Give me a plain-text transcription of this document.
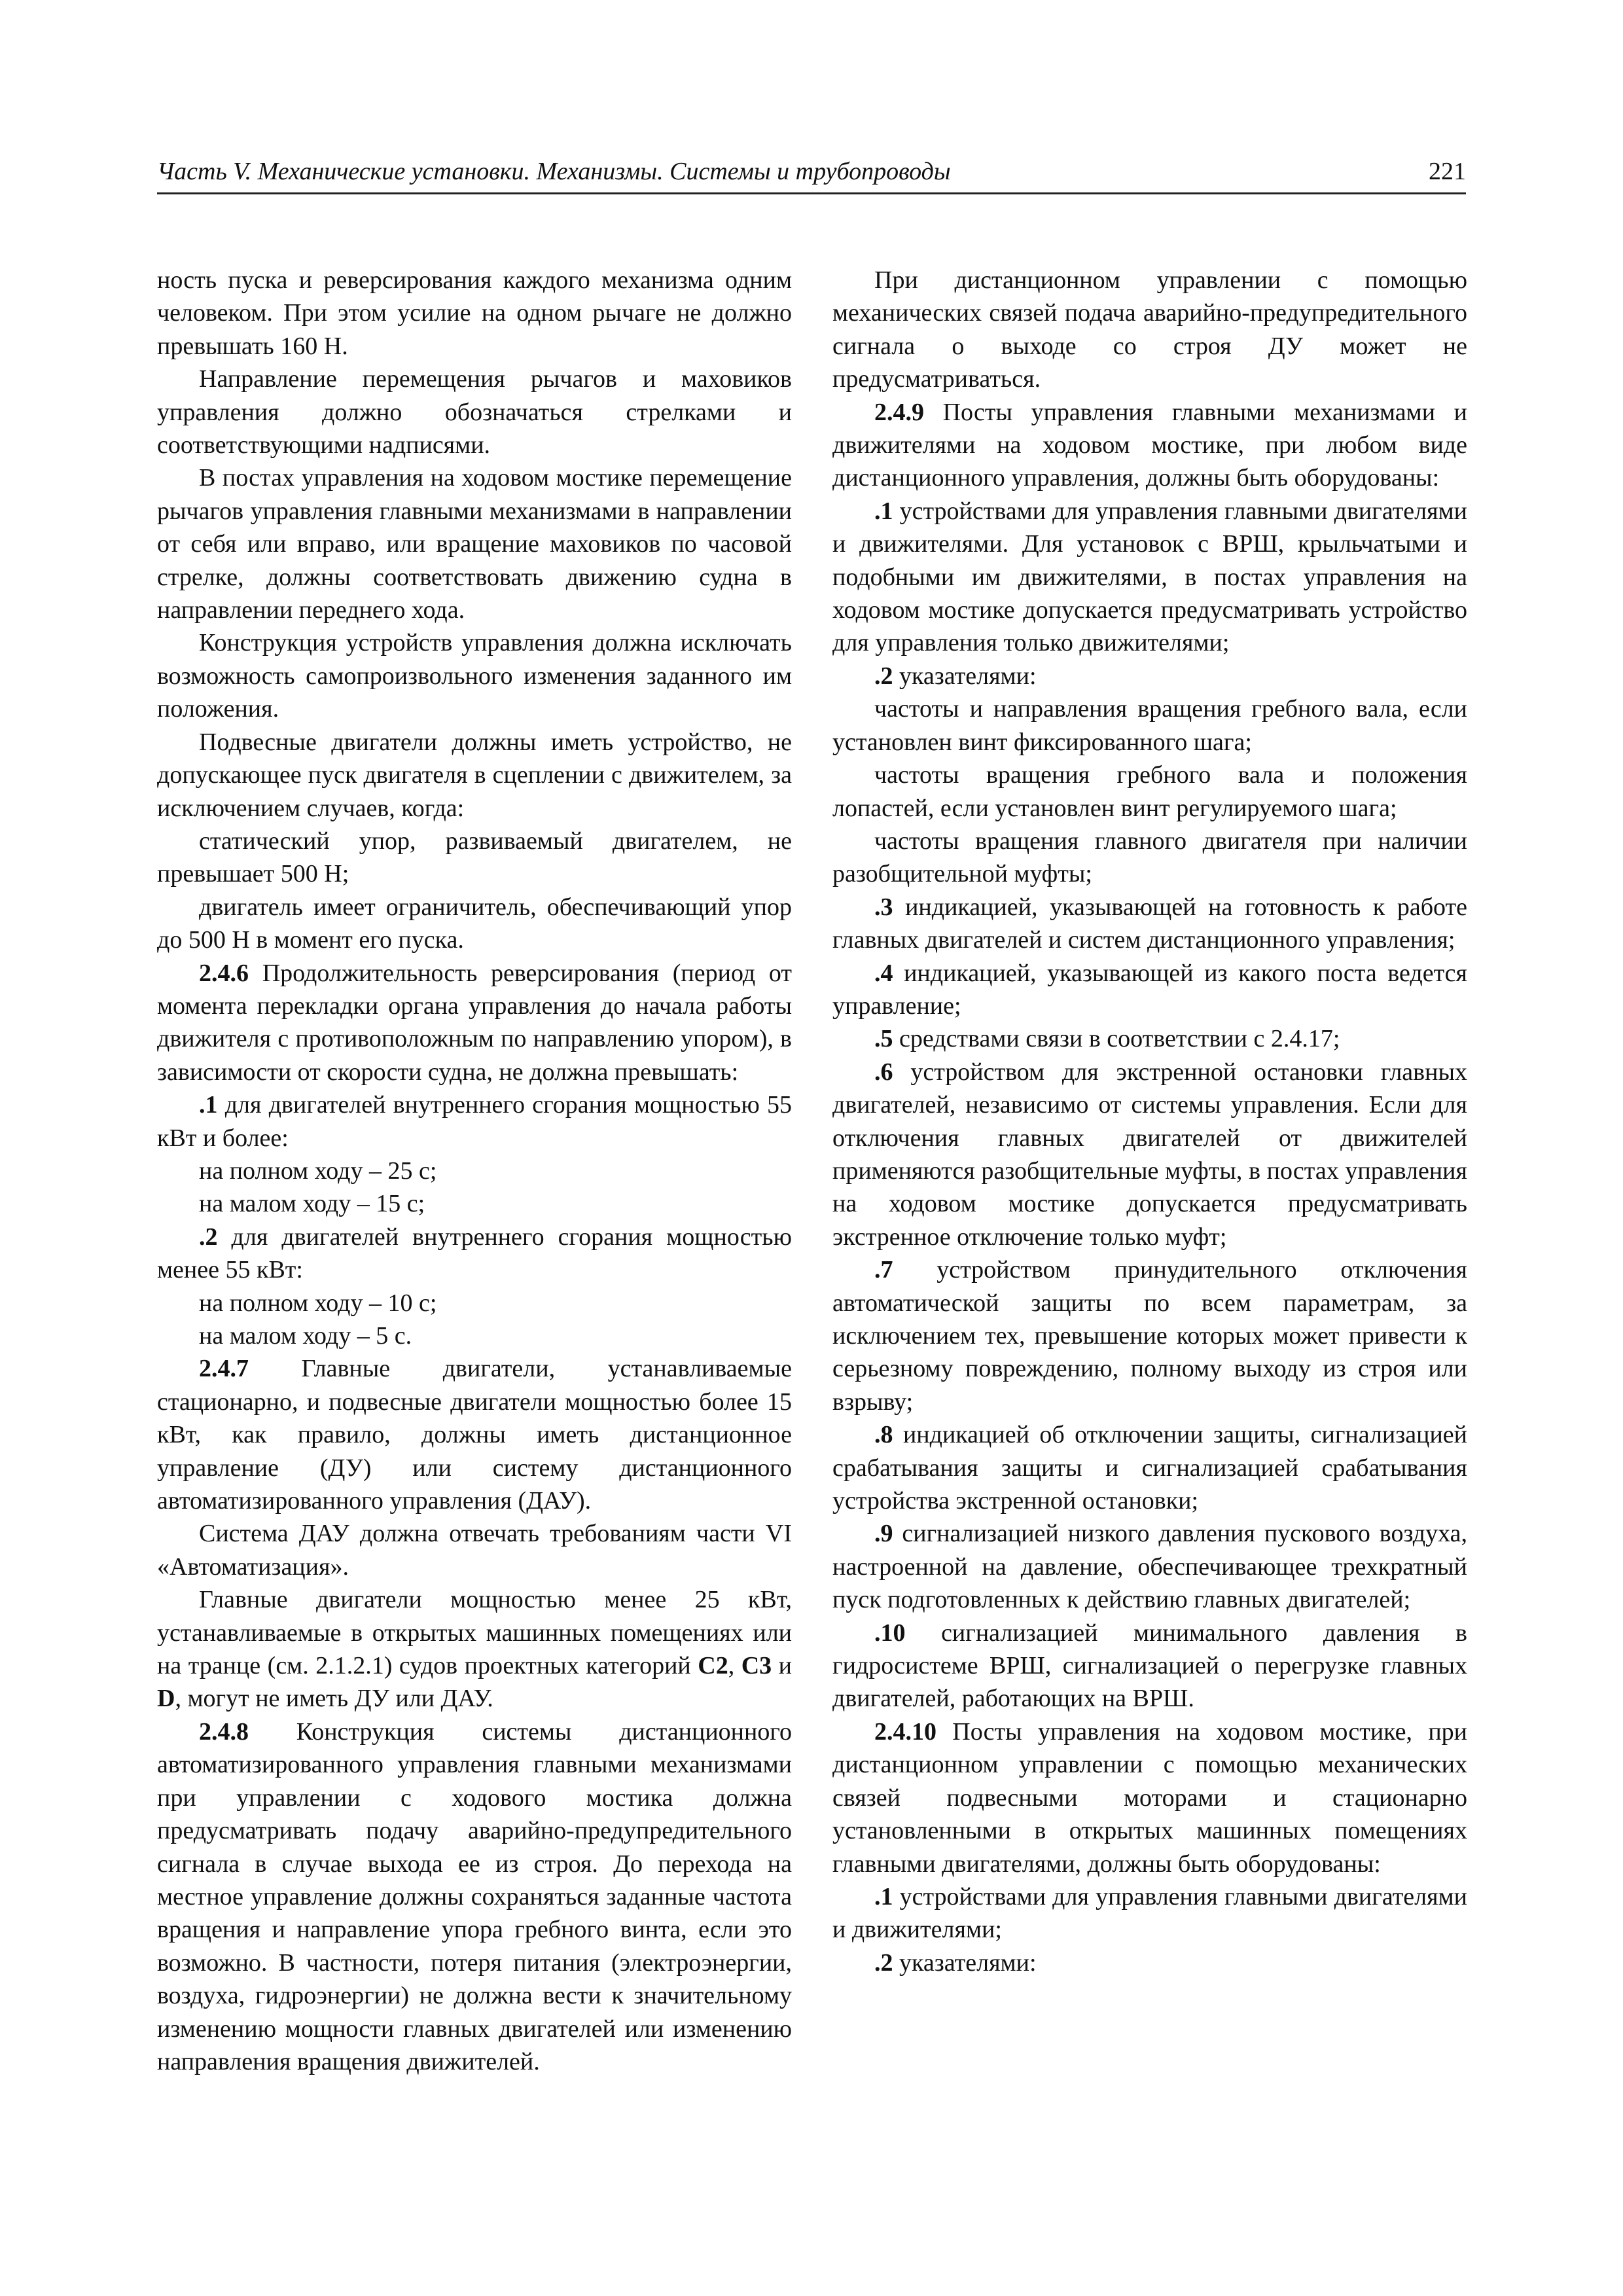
Часть V. Механические установки. Механизмы. Системы и трубопроводы	221

ность пуска и реверсирования каждого механизма одним человеком. При этом усилие на одном рычаге не должно превышать 160 Н.

Направление перемещения рычагов и маховиков управления должно обозначаться стрелками и соответствующими надписями.

В постах управления на ходовом мостике перемещение рычагов управления главными механизмами в направлении от себя или вправо, или вращение маховиков по часовой стрелке, должны соответствовать движению судна в направлении переднего хода.

Конструкция устройств управления должна исключать возможность самопроизвольного изменения заданного им положения.

Подвесные двигатели должны иметь устройство, не допускающее пуск двигателя в сцеплении с движителем, за исключением случаев, когда:

статический упор, развиваемый двигателем, не превышает 500 Н;

двигатель имеет ограничитель, обеспечивающий упор до 500 Н в момент его пуска.

2.4.6 Продолжительность реверсирования (период от момента перекладки органа управления до начала работы движителя с противоположным по направлению упором), в зависимости от скорости судна, не должна превышать:

.1 для двигателей внутреннего сгорания мощностью 55 кВт и более:

на полном ходу – 25 с;

на малом ходу – 15 с;

.2 для двигателей внутреннего сгорания мощностью менее 55 кВт:

на полном ходу – 10 с;

на малом ходу – 5 с.

2.4.7 Главные двигатели, устанавливаемые стационарно, и подвесные двигатели мощностью более 15 кВт, как правило, должны иметь дистанционное управление (ДУ) или систему дистанционного автоматизированного управления (ДАУ).

Система ДАУ должна отвечать требованиям части VI «Автоматизация».

Главные двигатели мощностью менее 25 кВт, устанавливаемые в открытых машинных помещениях или на транце (см. 2.1.2.1) судов проектных категорий C2, C3 и D, могут не иметь ДУ или ДАУ.

2.4.8 Конструкция системы дистанционного автоматизированного управления главными механизмами при управлении с ходового мостика должна предусматривать подачу аварийно-предупредительного сигнала в случае выхода ее из строя. До перехода на местное управление должны сохраняться заданные частота вращения и направление упора гребного винта, если это возможно. В частности, потеря питания (электроэнергии, воздуха, гидроэнергии) не должна вести к значительному изменению мощности главных двигателей или изменению направления вращения движителей.

При дистанционном управлении с помощью механических связей подача аварийно-предупредительного сигнала о выходе со строя ДУ может не предусматриваться.

2.4.9 Посты управления главными механизмами и движителями на ходовом мостике, при любом виде дистанционного управления, должны быть оборудованы:

.1 устройствами для управления главными двигателями и движителями. Для установок с ВРШ, крыльчатыми и подобными им движителями, в постах управления на ходовом мостике допускается предусматривать устройство для управления только движителями;

.2 указателями:

частоты и направления вращения гребного вала, если установлен винт фиксированного шага;

частоты вращения гребного вала и положения лопастей, если установлен винт регулируемого шага;

частоты вращения главного двигателя при наличии разобщительной муфты;

.3 индикацией, указывающей на готовность к работе главных двигателей и систем дистанционного управления;

.4 индикацией, указывающей из какого поста ведется управление;

.5 средствами связи в соответствии с 2.4.17;

.6 устройством для экстренной остановки главных двигателей, независимо от системы управления. Если для отключения главных двигателей от движителей применяются разобщительные муфты, в постах управления на ходовом мостике допускается предусматривать экстренное отключение только муфт;

.7 устройством принудительного отключения автоматической защиты по всем параметрам, за исключением тех, превышение которых может привести к серьезному повреждению, полному выходу из строя или взрыву;

.8 индикацией об отключении защиты, сигнализацией срабатывания защиты и сигнализацией срабатывания устройства экстренной остановки;

.9 сигнализацией низкого давления пускового воздуха, настроенной на давление, обеспечивающее трехкратный пуск подготовленных к действию главных двигателей;

.10 сигнализацией минимального давления в гидросистеме ВРШ, сигнализацией о перегрузке главных двигателей, работающих на ВРШ.

2.4.10 Посты управления на ходовом мостике, при дистанционном управлении с помощью механических связей подвесными моторами и стационарно установленными в открытых машинных помещениях главными двигателями, должны быть оборудованы:

.1 устройствами для управления главными двигателями и движителями;

.2 указателями:
